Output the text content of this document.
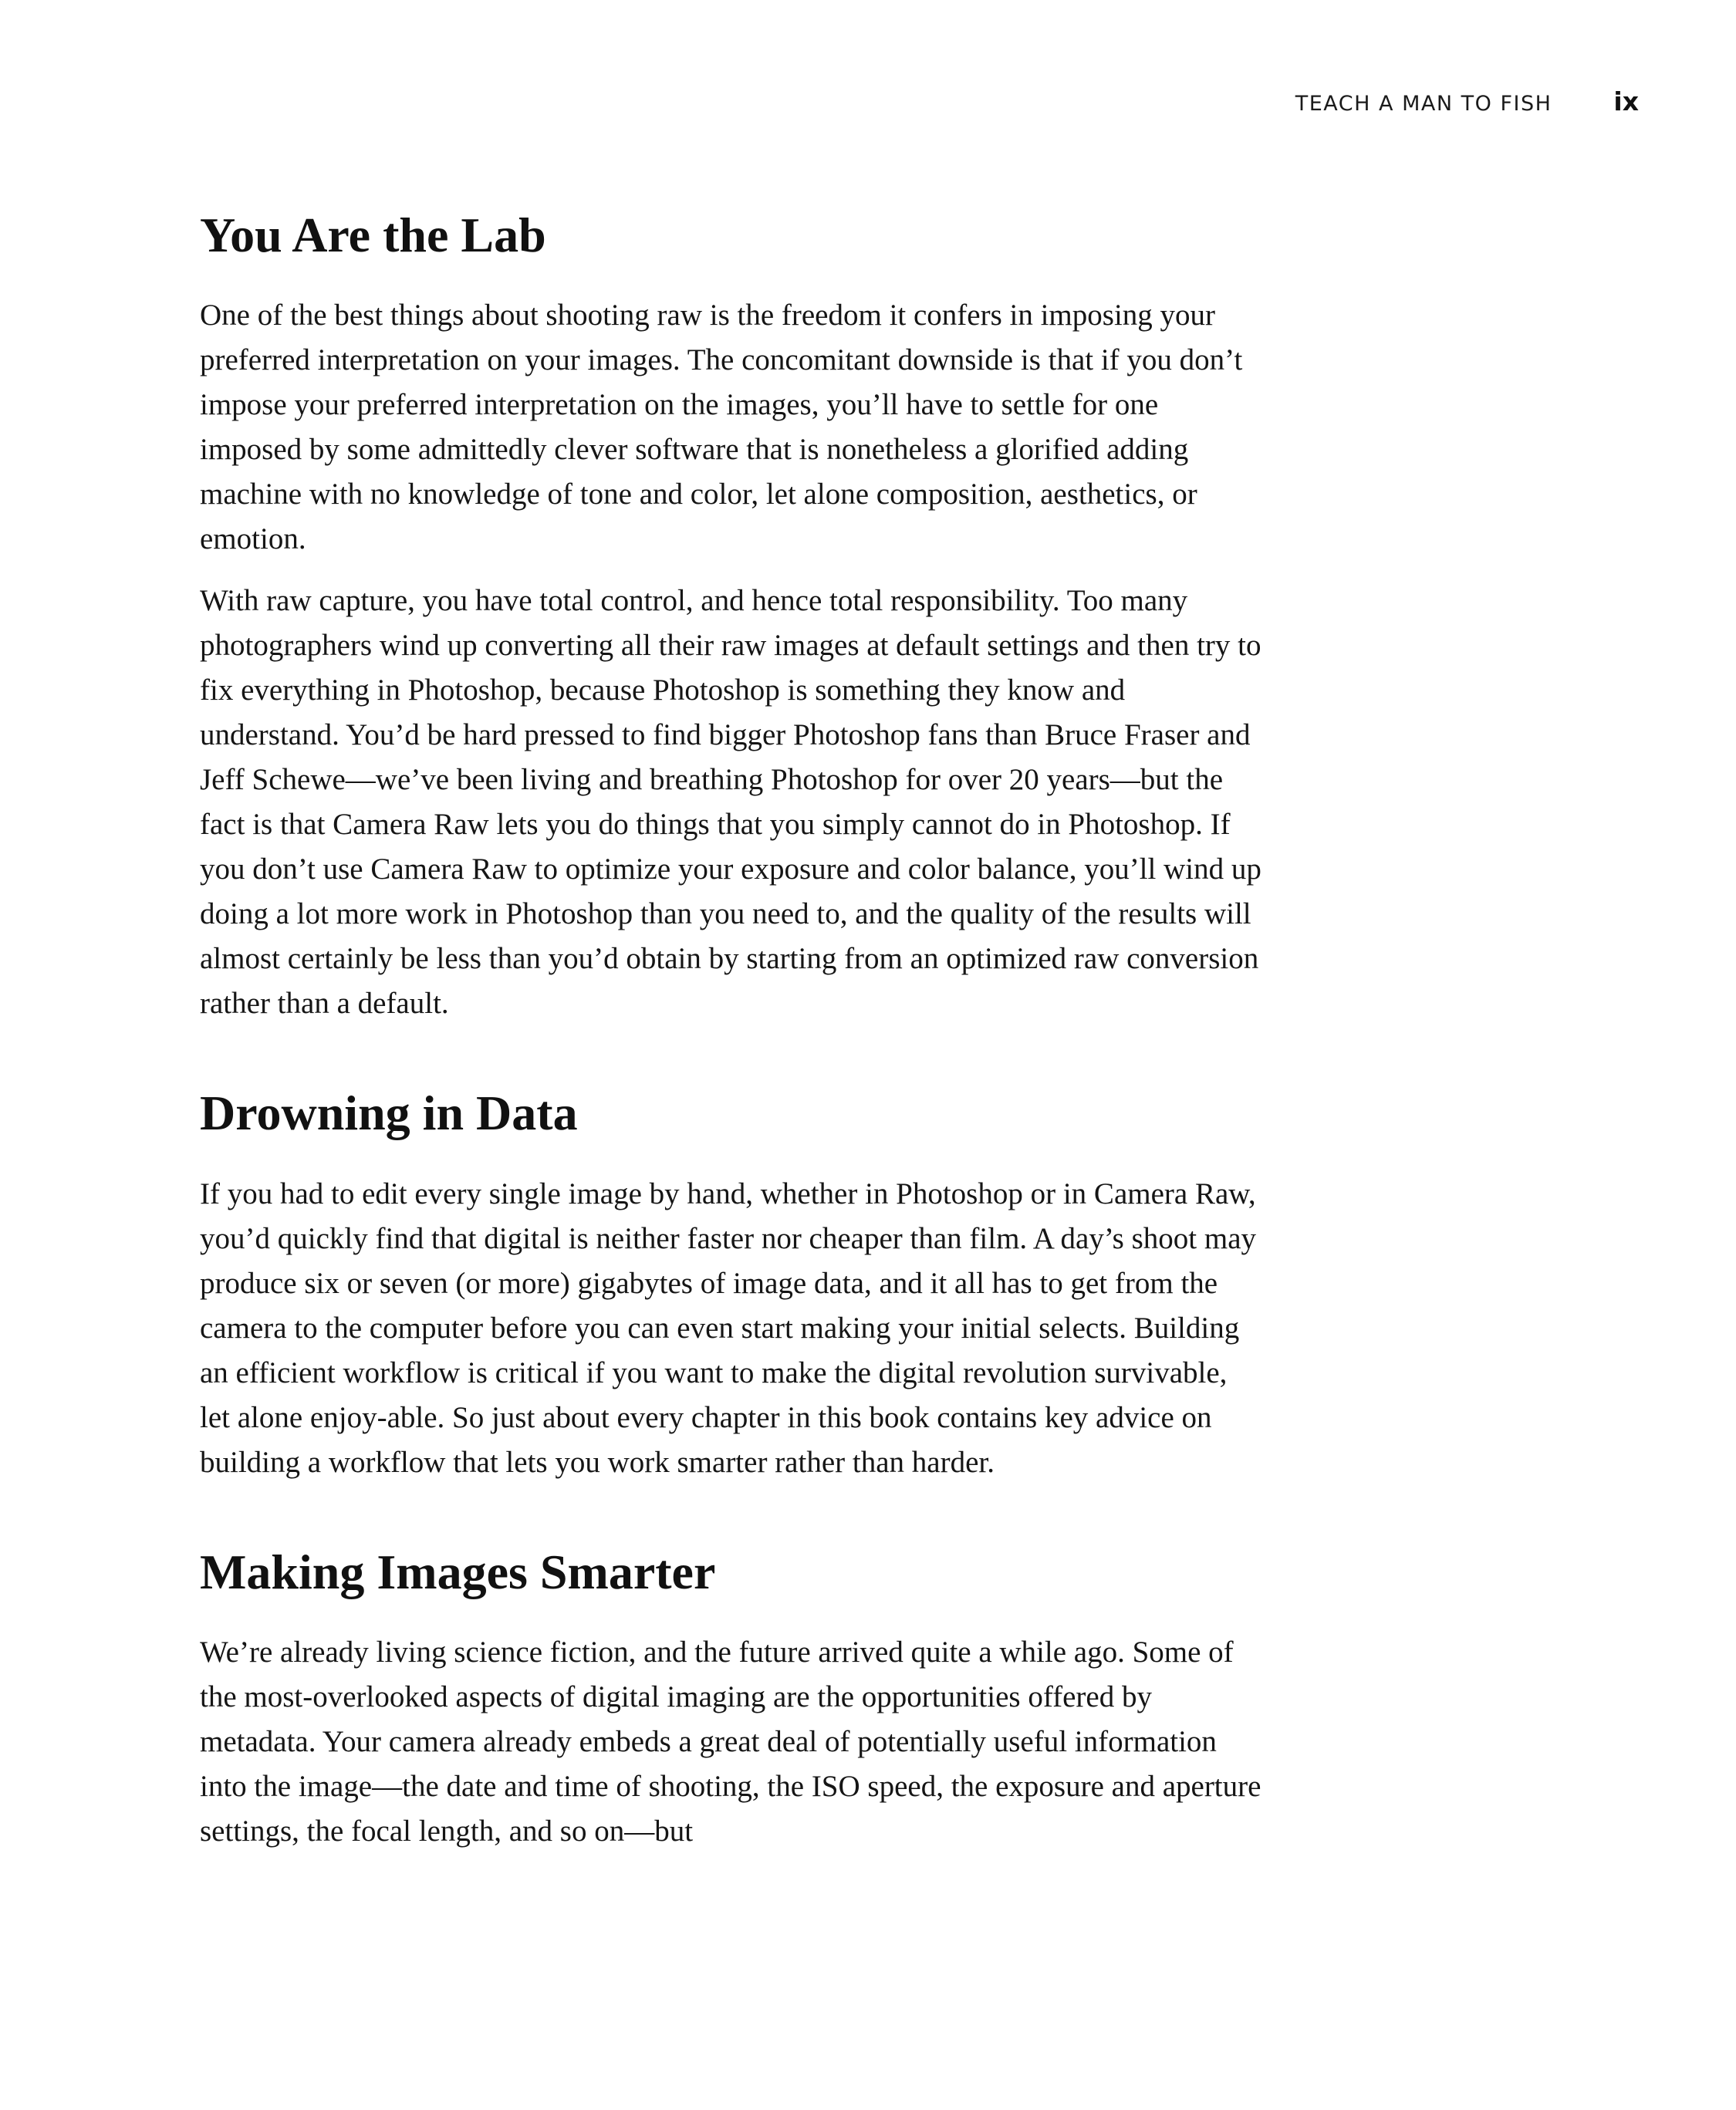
TEACH A MAN TO FISH ix
You Are the Lab

One of the best things about shooting raw is the freedom it confers in imposing your preferred interpretation on your images. The concomitant downside is that if you don’t impose your preferred interpretation on the images, you’ll have to settle for one imposed by some admittedly clever software that is nonetheless a glorified adding machine with no knowledge of tone and color, let alone composition, aesthetics, or emotion.

With raw capture, you have total control, and hence total responsibility. Too many photographers wind up converting all their raw images at default settings and then try to fix everything in Photoshop, because Photoshop is something they know and understand. You’d be hard pressed to find bigger Photoshop fans than Bruce Fraser and Jeff Schewe—we’ve been living and breathing Photoshop for over 20 years—but the fact is that Camera Raw lets you do things that you simply cannot do in Photoshop. If you don’t use Camera Raw to optimize your exposure and color balance, you’ll wind up doing a lot more work in Photoshop than you need to, and the quality of the results will almost certainly be less than you’d obtain by starting from an optimized raw conversion rather than a default.

Drowning in Data

If you had to edit every single image by hand, whether in Photoshop or in Camera Raw, you’d quickly find that digital is neither faster nor cheaper than film. A day’s shoot may produce six or seven (or more) gigabytes of image data, and it all has to get from the camera to the computer before you can even start making your initial selects. Building an efficient workflow is critical if you want to make the digital revolution survivable, let alone enjoy-able. So just about every chapter in this book contains key advice on building a workflow that lets you work smarter rather than harder.

Making Images Smarter

We’re already living science fiction, and the future arrived quite a while ago. Some of the most-overlooked aspects of digital imaging are the opportunities offered by metadata. Your camera already embeds a great deal of potentially useful information into the image—the date and time of shooting, the ISO speed, the exposure and aperture settings, the focal length, and so on—but
